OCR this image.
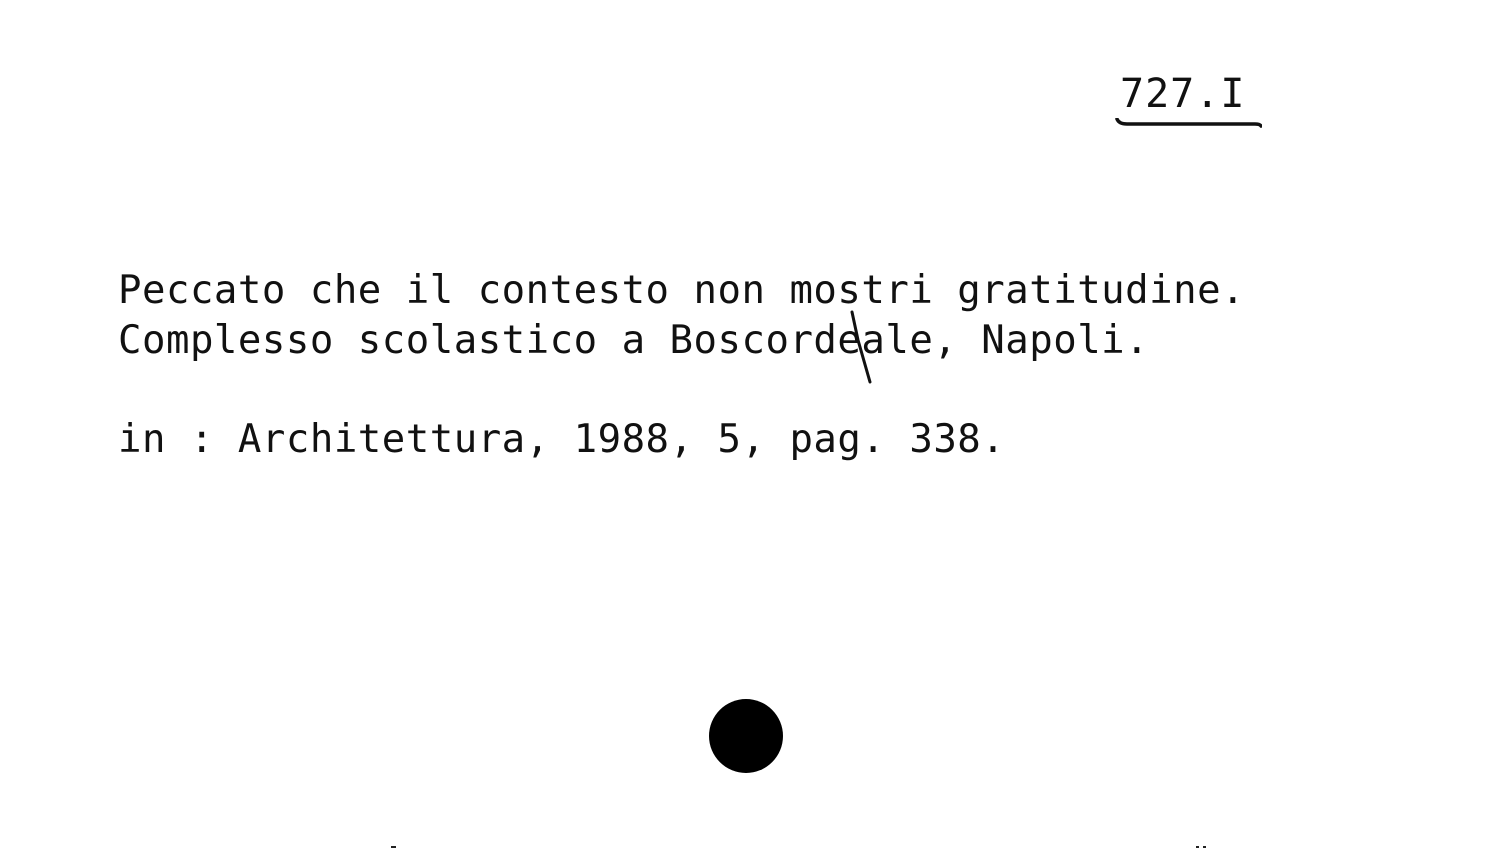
727.I
Peccato che il contesto non mostri gratitudine.
Complesso scolastico a Boscordeale, Napoli.
in : Architettura, 1988, 5, pag. 338.
